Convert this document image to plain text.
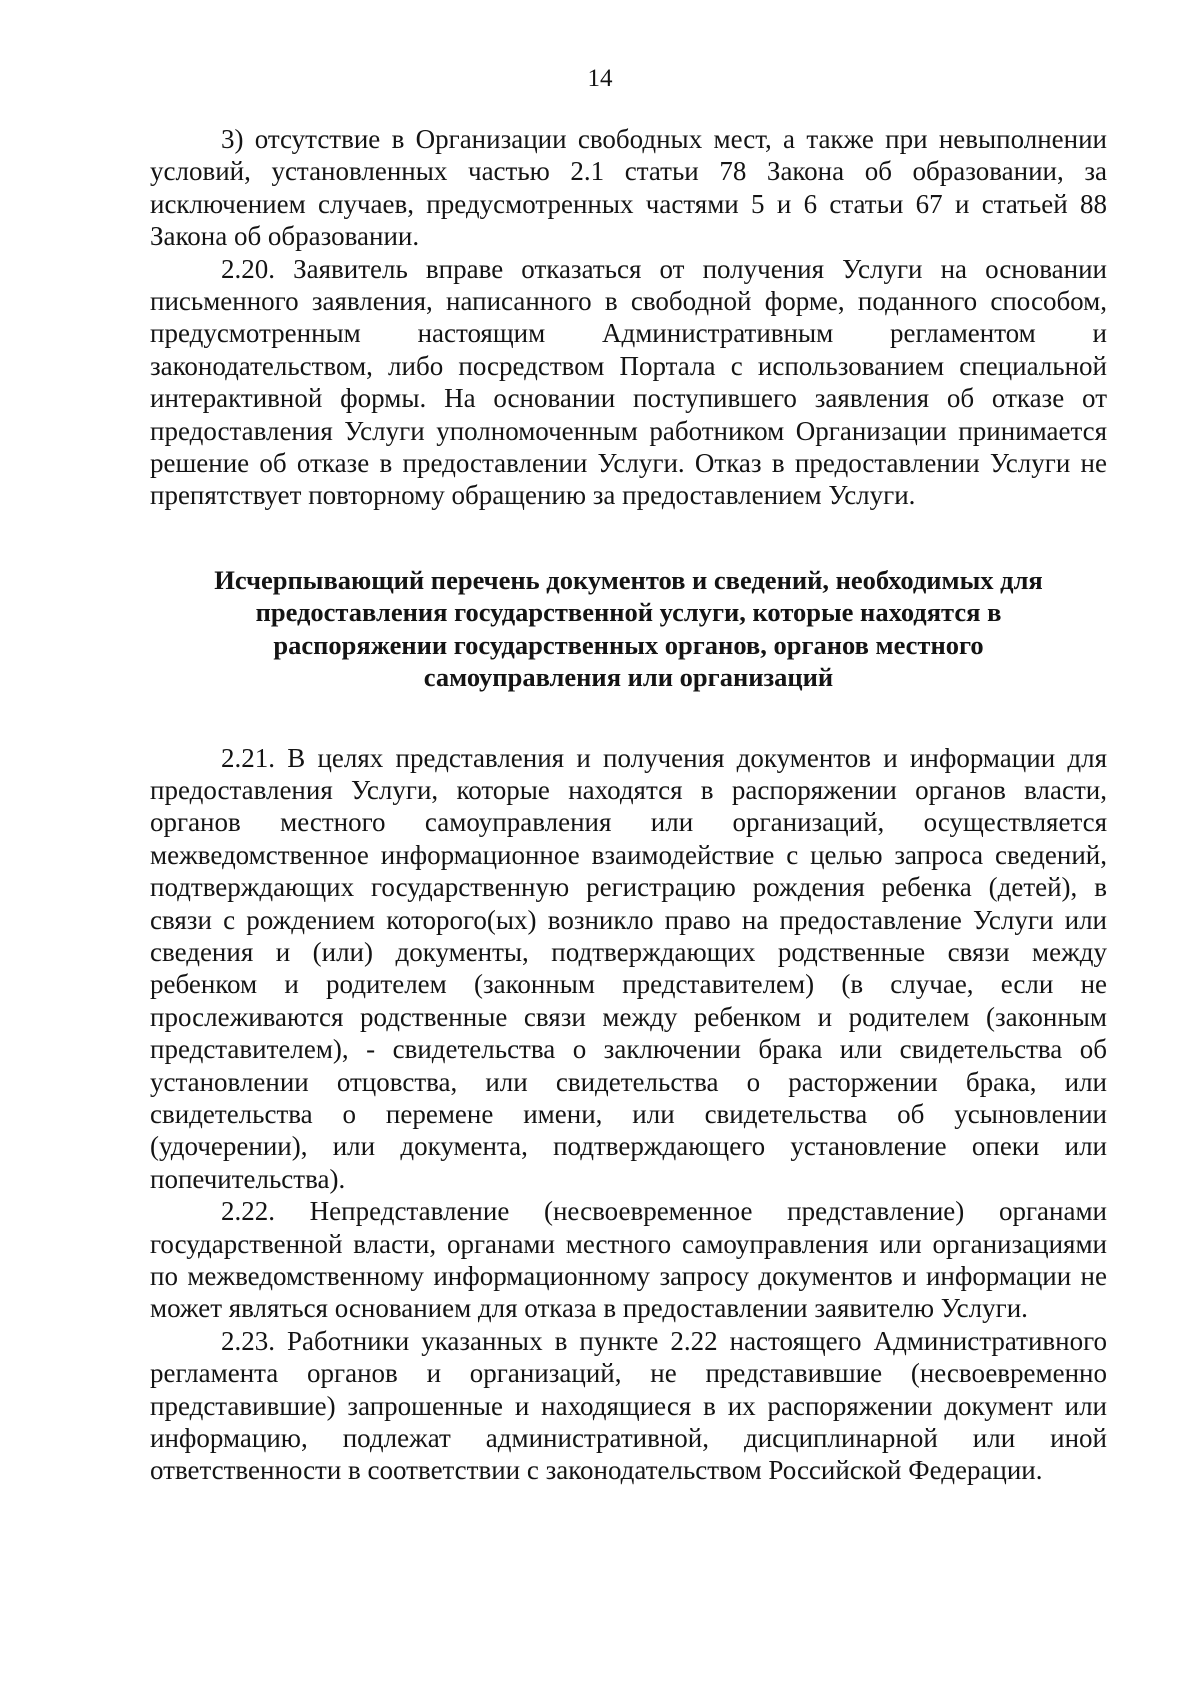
14

3) отсутствие в Организации свободных мест, а также при невыполнении условий, установленных частью 2.1 статьи 78 Закона об образовании, за исключением случаев, предусмотренных частями 5 и 6 статьи 67 и статьей 88 Закона об образовании.

2.20. Заявитель вправе отказаться от получения Услуги на основании письменного заявления, написанного в свободной форме, поданного способом, предусмотренным настоящим Административным регламентом и законодательством, либо посредством Портала с использованием специальной интерактивной формы. На основании поступившего заявления об отказе от предоставления Услуги уполномоченным работником Организации принимается решение об отказе в предоставлении Услуги. Отказ в предоставлении Услуги не препятствует повторному обращению за предоставлением Услуги.

Исчерпывающий перечень документов и сведений, необходимых для предоставления государственной услуги, которые находятся в распоряжении государственных органов, органов местного самоуправления или организаций

2.21. В целях представления и получения документов и информации для предоставления Услуги, которые находятся в распоряжении органов власти, органов местного самоуправления или организаций, осуществляется межведомственное информационное взаимодействие с целью запроса сведений, подтверждающих государственную регистрацию рождения ребенка (детей), в связи с рождением которого(ых) возникло право на предоставление Услуги или сведения и (или) документы, подтверждающих родственные связи между ребенком и родителем (законным представителем) (в случае, если не прослеживаются родственные связи между ребенком и родителем (законным представителем), - свидетельства о заключении брака или свидетельства об установлении отцовства, или свидетельства о расторжении брака, или свидетельства о перемене имени, или свидетельства об усыновлении (удочерении), или документа, подтверждающего установление опеки или попечительства).

2.22. Непредставление (несвоевременное представление) органами государственной власти, органами местного самоуправления или организациями по межведомственному информационному запросу документов и информации не может являться основанием для отказа в предоставлении заявителю Услуги.

2.23. Работники указанных в пункте 2.22 настоящего Административного регламента органов и организаций, не представившие (несвоевременно представившие) запрошенные и находящиеся в их распоряжении документ или информацию, подлежат административной, дисциплинарной или иной ответственности в соответствии с законодательством Российской Федерации.
